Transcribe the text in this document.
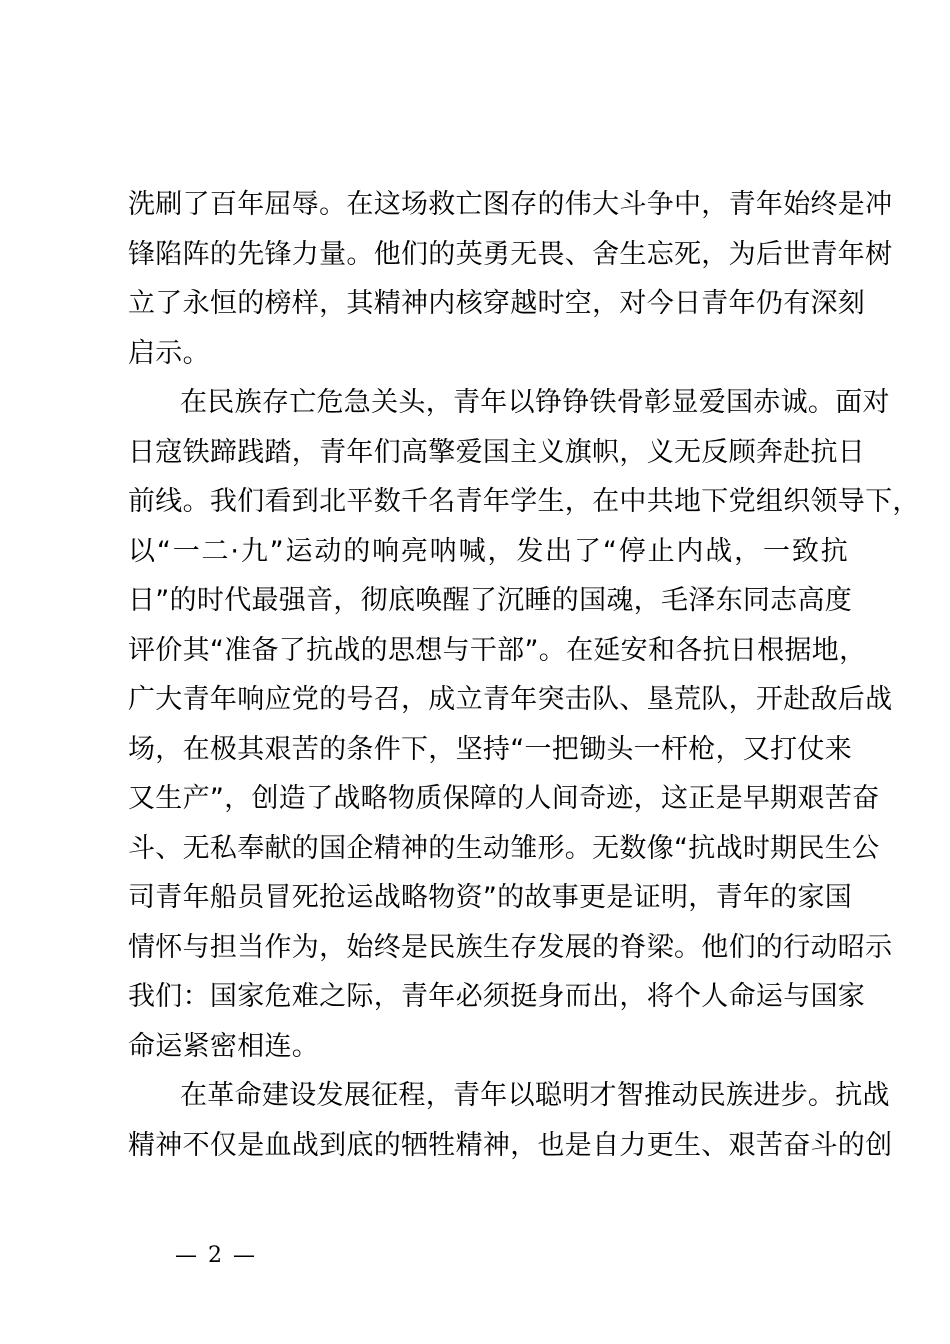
洗刷了百年屈辱。在这场救亡图存的伟大斗争中，青年始终是冲
锋陷阵的先锋力量。他们的英勇无畏、舍生忘死，为后世青年树
立了永恒的榜样，其精神内核穿越时空，对今日青年仍有深刻
启示。
在民族存亡危急关头，青年以铮铮铁骨彰显爱国赤诚。面对
日寇铁蹄践踏，青年们高擎爱国主义旗帜，义无反顾奔赴抗日
前线。我们看到北平数千名青年学生，在中共地下党组织领导下，
以“一二·九”运动的响亮呐喊，发出了“停止内战，一致抗
日”的时代最强音，彻底唤醒了沉睡的国魂，毛泽东同志高度
评价其“准备了抗战的思想与干部”。在延安和各抗日根据地，
广大青年响应党的号召，成立青年突击队、垦荒队，开赴敌后战
场，在极其艰苦的条件下，坚持“一把锄头一杆枪，又打仗来
又生产”，创造了战略物质保障的人间奇迹，这正是早期艰苦奋
斗、无私奉献的国企精神的生动雏形。无数像“抗战时期民生公
司青年船员冒死抢运战略物资”的故事更是证明，青年的家国
情怀与担当作为，始终是民族生存发展的脊梁。他们的行动昭示
我们：国家危难之际，青年必须挺身而出，将个人命运与国家
命运紧密相连。
在革命建设发展征程，青年以聪明才智推动民族进步。抗战
精神不仅是血战到底的牺牲精神，也是自力更生、艰苦奋斗的创
— 2 —
